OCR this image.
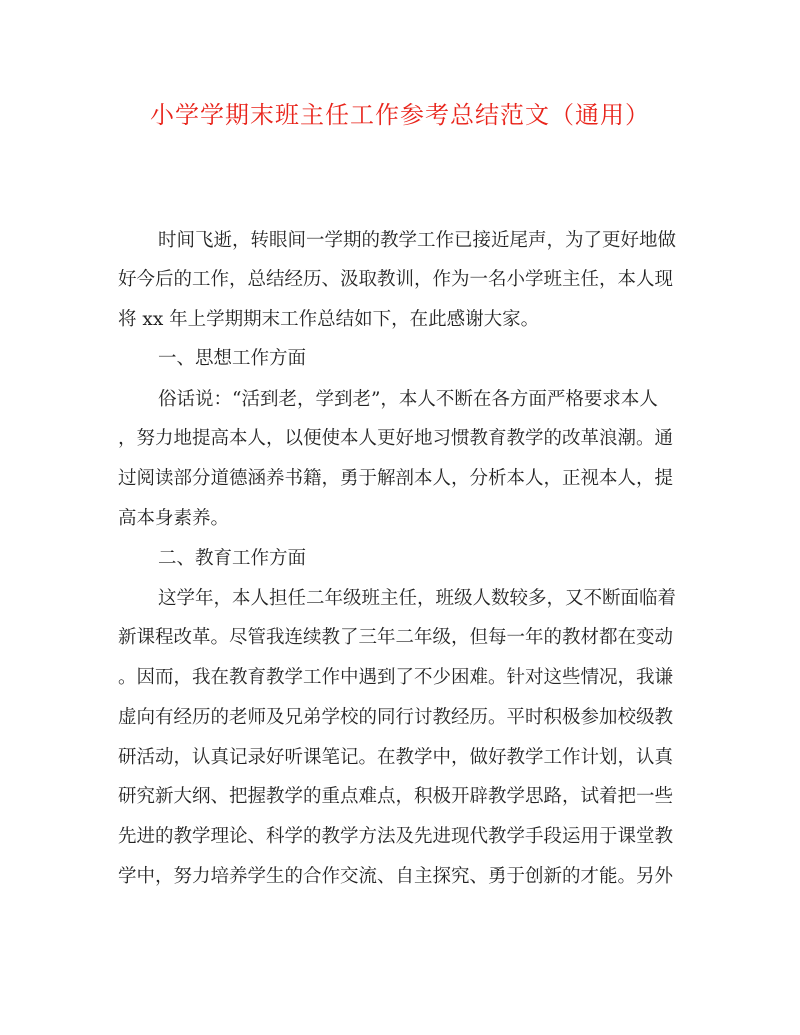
小学学期末班主任工作参考总结范文（通用）
时间飞逝，转眼间一学期的教学工作已接近尾声，为了更好地做
好今后的工作，总结经历、汲取教训，作为一名小学班主任，本人现
将 xx 年上学期期末工作总结如下，在此感谢大家。
一、思想工作方面
俗话说：“活到老，学到老”，本人不断在各方面严格要求本人
，努力地提高本人，以便使本人更好地习惯教育教学的改革浪潮。通
过阅读部分道德涵养书籍，勇于解剖本人，分析本人，正视本人，提
高本身素养。
二、教育工作方面
这学年，本人担任二年级班主任，班级人数较多，又不断面临着
新课程改革。尽管我连续教了三年二年级，但每一年的教材都在变动
。因而，我在教育教学工作中遇到了不少困难。针对这些情况，我谦
虚向有经历的老师及兄弟学校的同行讨教经历。平时积极参加校级教
研活动，认真记录好听课笔记。在教学中，做好教学工作计划，认真
研究新大纲、把握教学的重点难点，积极开辟教学思路，试着把一些
先进的教学理论、科学的教学方法及先进现代教学手段运用于课堂教
学中，努力培养学生的合作交流、自主探究、勇于创新的才能。另外
